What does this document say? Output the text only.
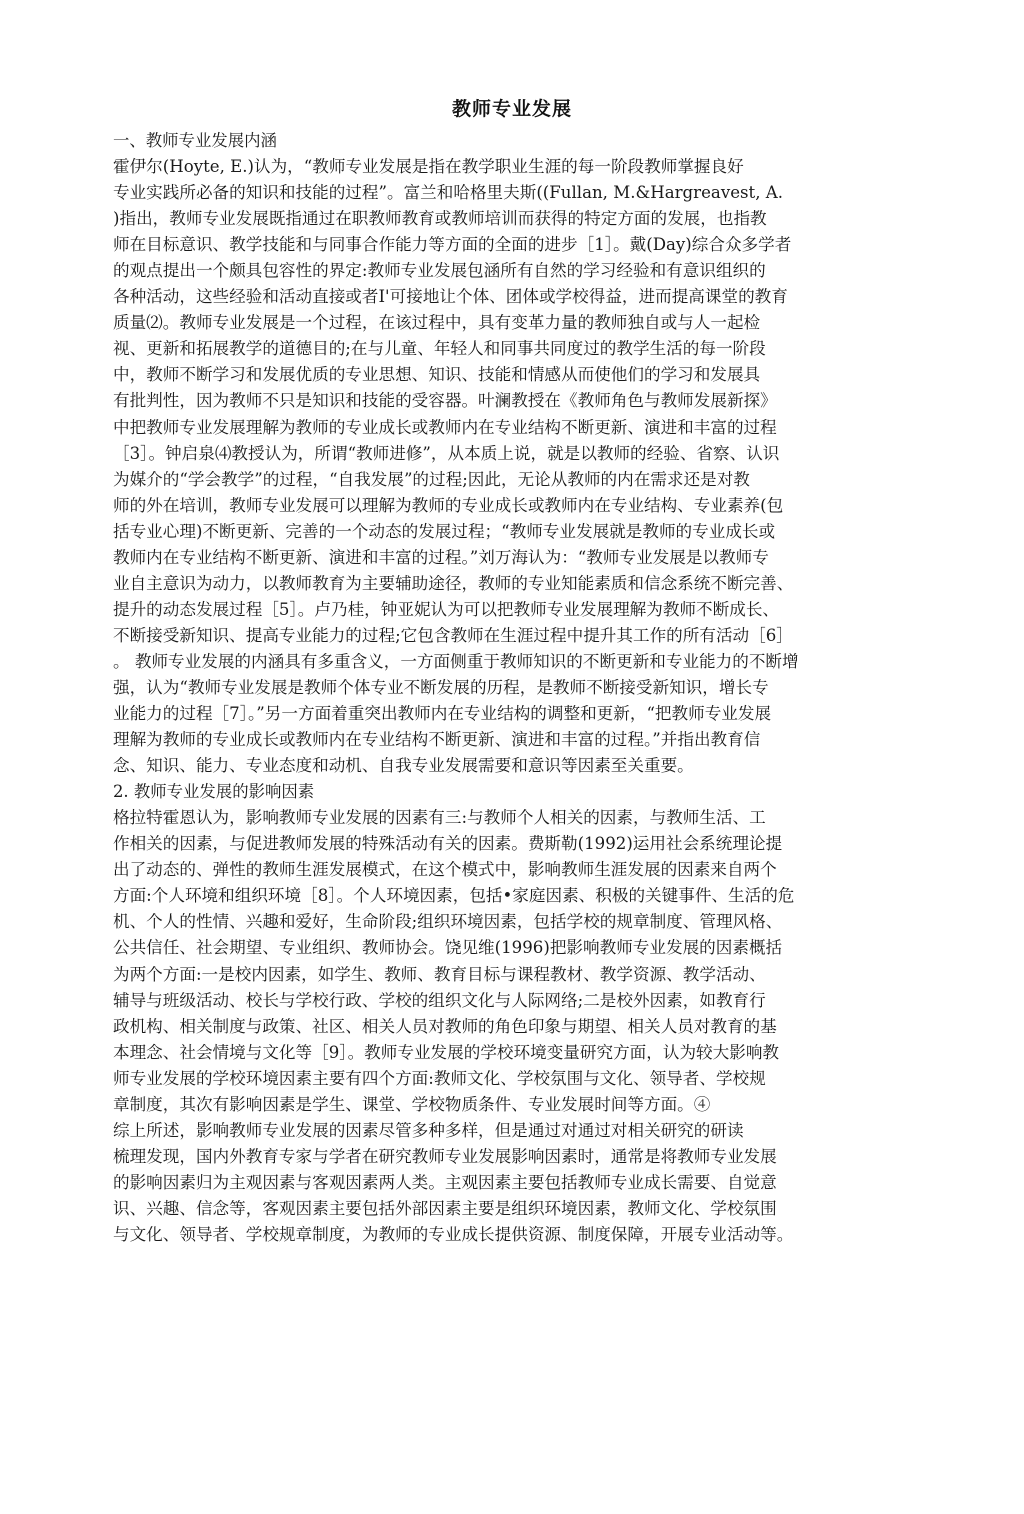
教师专业发展
一、教师专业发展内涵
霍伊尔(Hoyte, E.)认为，“教师专业发展是指在教学职业生涯的每一阶段教师掌握良好
专业实践所必备的知识和技能的过程”。富兰和哈格里夫斯((Fullan, M.&Hargreavest, A.
)指出，教师专业发展既指通过在职教师教育或教师培训而获得的特定方面的发展，也指教
师在目标意识、教学技能和与同事合作能力等方面的全面的进步［1］。戴(Day)综合众多学者
的观点提出一个颇具包容性的界定:教师专业发展包涵所有自然的学习经验和有意识组织的
各种活动，这些经验和活动直接或者I'可接地让个体、团体或学校得益，进而提高课堂的教育
质量⑵。教师专业发展是一个过程，在该过程中，具有变革力量的教师独自或与人一起检
视、更新和拓展教学的道德目的;在与儿童、年轻人和同事共同度过的教学生活的每一阶段
中，教师不断学习和发展优质的专业思想、知识、技能和情感从而使他们的学习和发展具
有批判性，因为教师不只是知识和技能的受容器。叶澜教授在《教师角色与教师发展新探》
中把教师专业发展理解为教师的专业成长或教师内在专业结构不断更新、演进和丰富的过程
［3］。钟启泉⑷教授认为，所谓“教师进修”，从本质上说，就是以教师的经验、省察、认识
为媒介的“学会教学”的过程，“自我发展”的过程;因此，无论从教师的内在需求还是对教
师的外在培训，教师专业发展可以理解为教师的专业成长或教师内在专业结构、专业素养(包
括专业心理)不断更新、完善的一个动态的发展过程；“教师专业发展就是教师的专业成长或
教师内在专业结构不断更新、演进和丰富的过程。”刘万海认为：“教师专业发展是以教师专
业自主意识为动力，以教师教育为主要辅助途径，教师的专业知能素质和信念系统不断完善、
提升的动态发展过程［5］。卢乃桂，钟亚妮认为可以把教师专业发展理解为教师不断成长、
不断接受新知识、提高专业能力的过程;它包含教师在生涯过程中提升其工作的所有活动［6］
。 教师专业发展的内涵具有多重含义，一方面侧重于教师知识的不断更新和专业能力的不断增
强，认为“教师专业发展是教师个体专业不断发展的历程，是教师不断接受新知识，增长专
业能力的过程［7］。”另一方面着重突出教师内在专业结构的调整和更新，“把教师专业发展
理解为教师的专业成长或教师内在专业结构不断更新、演进和丰富的过程。”并指出教育信
念、知识、能力、专业态度和动机、自我专业发展需要和意识等因素至关重要。
2. 教师专业发展的影响因素
格拉特霍恩认为，影响教师专业发展的因素有三:与教师个人相关的因素，与教师生活、工
作相关的因素，与促进教师发展的特殊活动有关的因素。费斯勒(1992)运用社会系统理论提
出了动态的、弹性的教师生涯发展模式，在这个模式中，影响教师生涯发展的因素来自两个
方面:个人环境和组织环境［8］。个人环境因素，包括•家庭因素、积极的关键事件、生活的危
机、个人的性情、兴趣和爱好，生命阶段;组织环境因素，包括学校的规章制度、管理风格、
公共信任、社会期望、专业组织、教师协会。饶见维(1996)把影响教师专业发展的因素概括
为两个方面:一是校内因素，如学生、教师、教育目标与课程教材、教学资源、教学活动、
辅导与班级活动、校长与学校行政、学校的组织文化与人际网络;二是校外因素，如教育行
政机构、相关制度与政策、社区、相关人员对教师的角色印象与期望、相关人员对教育的基
本理念、社会情境与文化等［9］。教师专业发展的学校环境变量研究方面，认为较大影响教
师专业发展的学校环境因素主要有四个方面:教师文化、学校氛围与文化、领导者、学校规
章制度，其次有影响因素是学生、课堂、学校物质条件、专业发展时间等方面。④
综上所述，影响教师专业发展的因素尽管多种多样，但是通过对通过对相关研究的研读
梳理发现，国内外教育专家与学者在研究教师专业发展影响因素时，通常是将教师专业发展
的影响因素归为主观因素与客观因素两人类。主观因素主要包括教师专业成长需要、自觉意
识、兴趣、信念等，客观因素主要包括外部因素主要是组织环境因素，教师文化、学校氛围
与文化、领导者、学校规章制度，为教师的专业成长提供资源、制度保障，开展专业活动等。
